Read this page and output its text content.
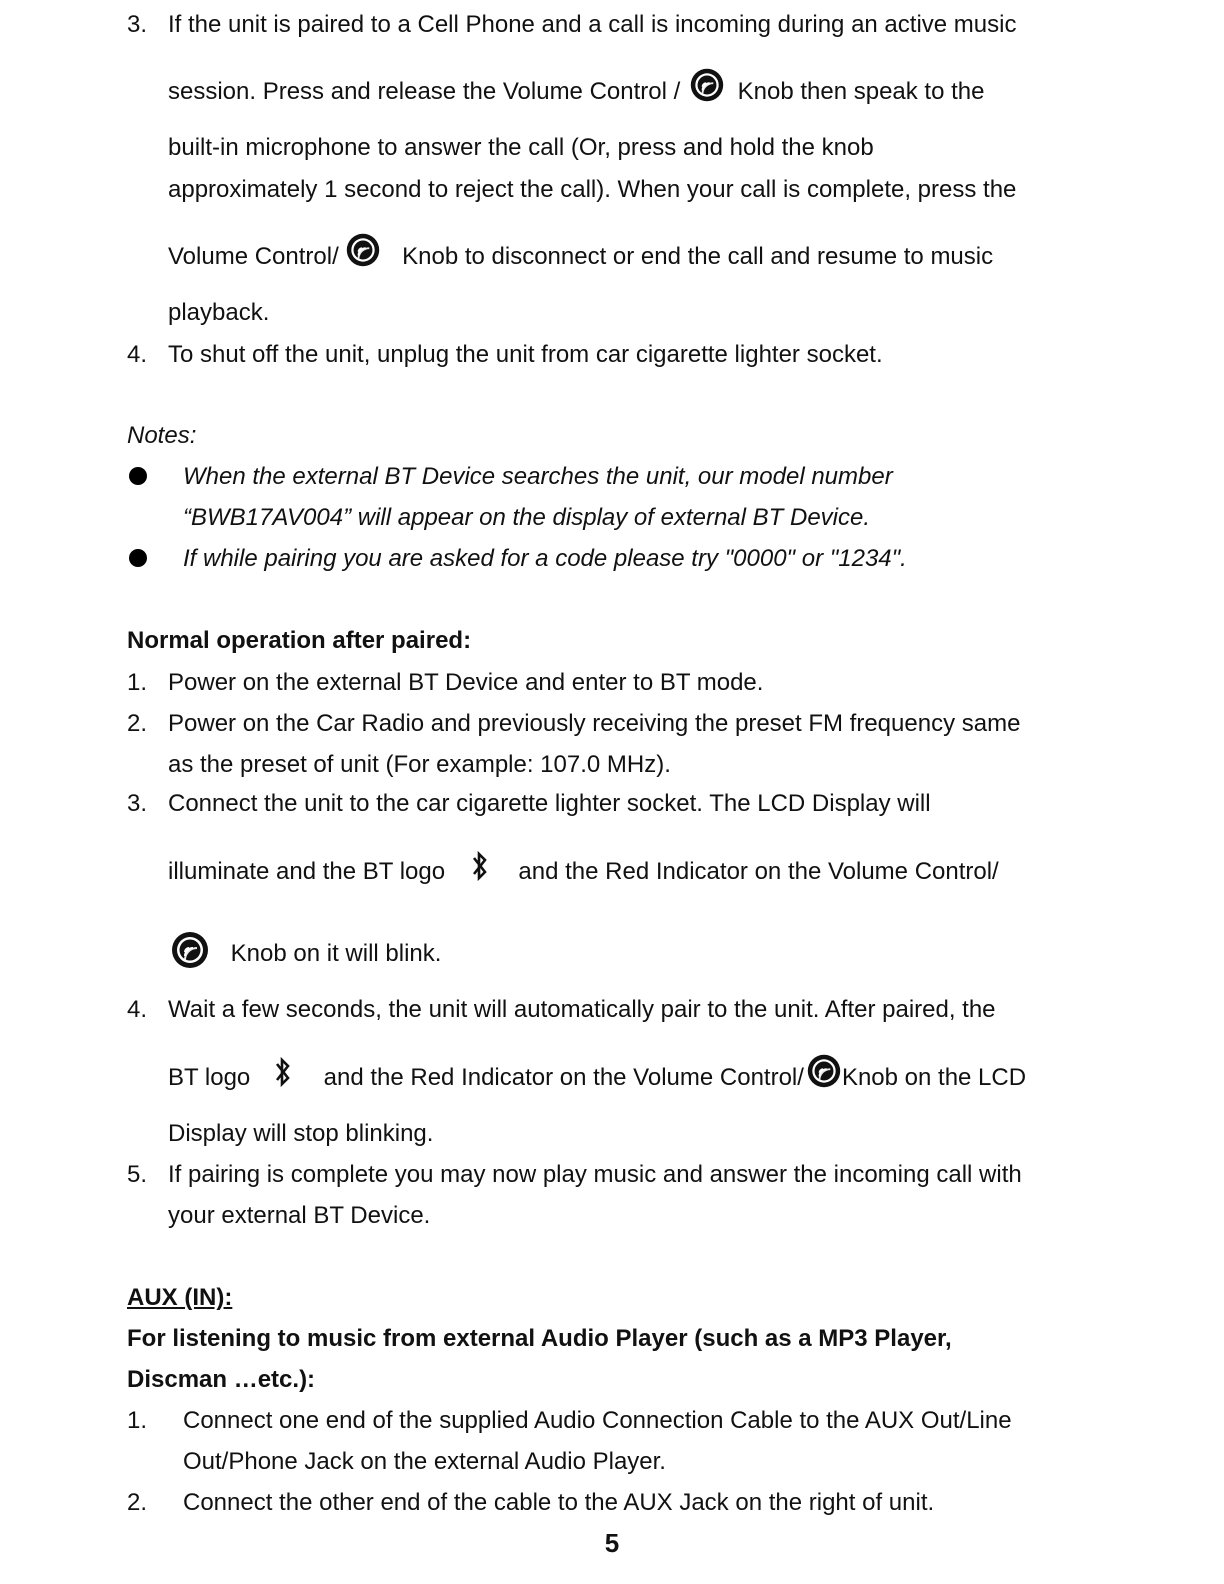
3. If the unit is paired to a Cell Phone and a call is incoming during an active music
session. Press and release the Volume Control / Knob then speak to the
built-in microphone to answer the call (Or, press and hold the knob
approximately 1 second to reject the call). When your call is complete, press the
Volume Control/	Knob to disconnect or end the call and resume to music
playback.
4. To shut off the unit, unplug the unit from car cigarette lighter socket.
Notes:
When the external BT Device searches the unit, our model number
“BWB17AV004” will appear on the display of external BT Device.
If while pairing you are asked for a code please try "0000" or "1234".
Normal operation after paired:
1. Power on the external BT Device and enter to BT mode.
2. Power on the Car Radio and previously receiving the preset FM frequency same
as the preset of unit (For example: 107.0 MHz).
3. Connect the unit to the car cigarette lighter socket. The LCD Display will
illuminate and the BT logo	and the Red Indicator on the Volume Control/
Knob on it will blink.
4. Wait a few seconds, the unit will automatically pair to the unit. After paired, the
BT logo	and the Red Indicator on the Volume Control/ Knob on the LCD
Display will stop blinking.
5. If pairing is complete you may now play music and answer the incoming call with
your external BT Device.
AUX (IN):
For listening to music from external Audio Player (such as a MP3 Player,
Discman …etc.):
1. Connect one end of the supplied Audio Connection Cable to the AUX Out/Line
Out/Phone Jack on the external Audio Player.
2. Connect the other end of the cable to the AUX Jack on the right of unit.
5
